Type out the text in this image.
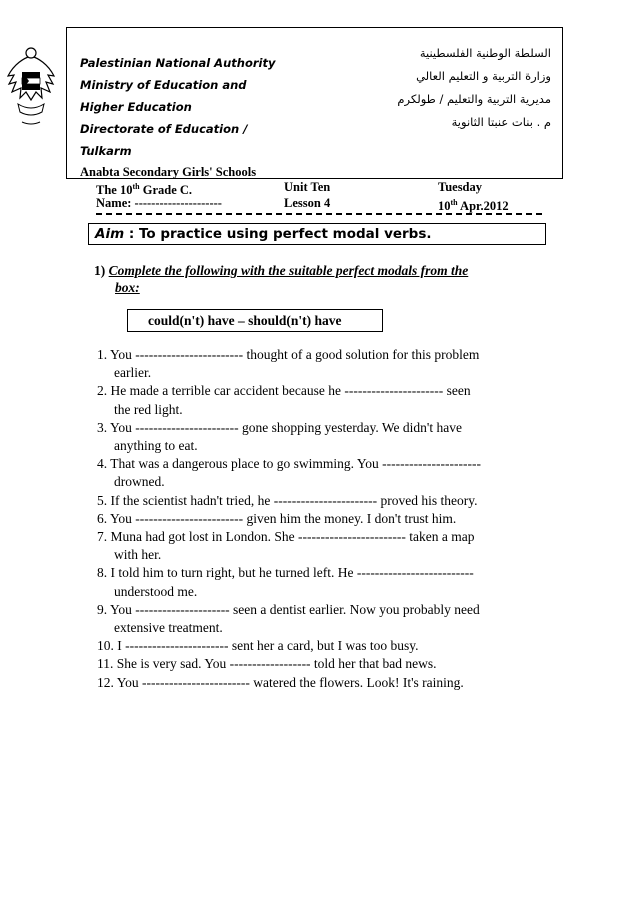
Palestinian National Authority
Ministry of Education and
Higher Education
Directorate of Education /
Tulkarm
السلطة الوطنية الفلسطينية
وزارة التربية و التعليم العالي
مديرية التربية والتعليم / طولكرم
م . بنات عنبتا الثانوية
Anabta Secondary Girls' Schools
The 10th Grade C.
Name: ---------------------
Unit Ten
Lesson 4
Tuesday
10th Apr.2012
Aim : To practice using perfect modal verbs.
1) Complete the following with the suitable perfect modals from the
box:
could(n't) have – should(n't) have
1. You ------------------------ thought of a good solution for this problem
earlier.
2. He made a terrible car accident because he ---------------------- seen
the red light.
3. You ----------------------- gone shopping yesterday. We didn't have
anything to eat.
4. That was a dangerous place to go swimming. You ----------------------
drowned.
5. If the scientist hadn't tried, he ----------------------- proved his theory.
6. You ------------------------ given him the money. I don't trust him.
7. Muna had got lost in London. She ------------------------ taken a map
with her.
8. I told him to turn right, but he turned left. He --------------------------
understood me.
9. You --------------------- seen a dentist earlier. Now you probably need
extensive treatment.
10. I ----------------------- sent her a card, but I was too busy.
11. She is very sad. You ------------------ told her that bad news.
12. You ------------------------ watered the flowers. Look! It's raining.
